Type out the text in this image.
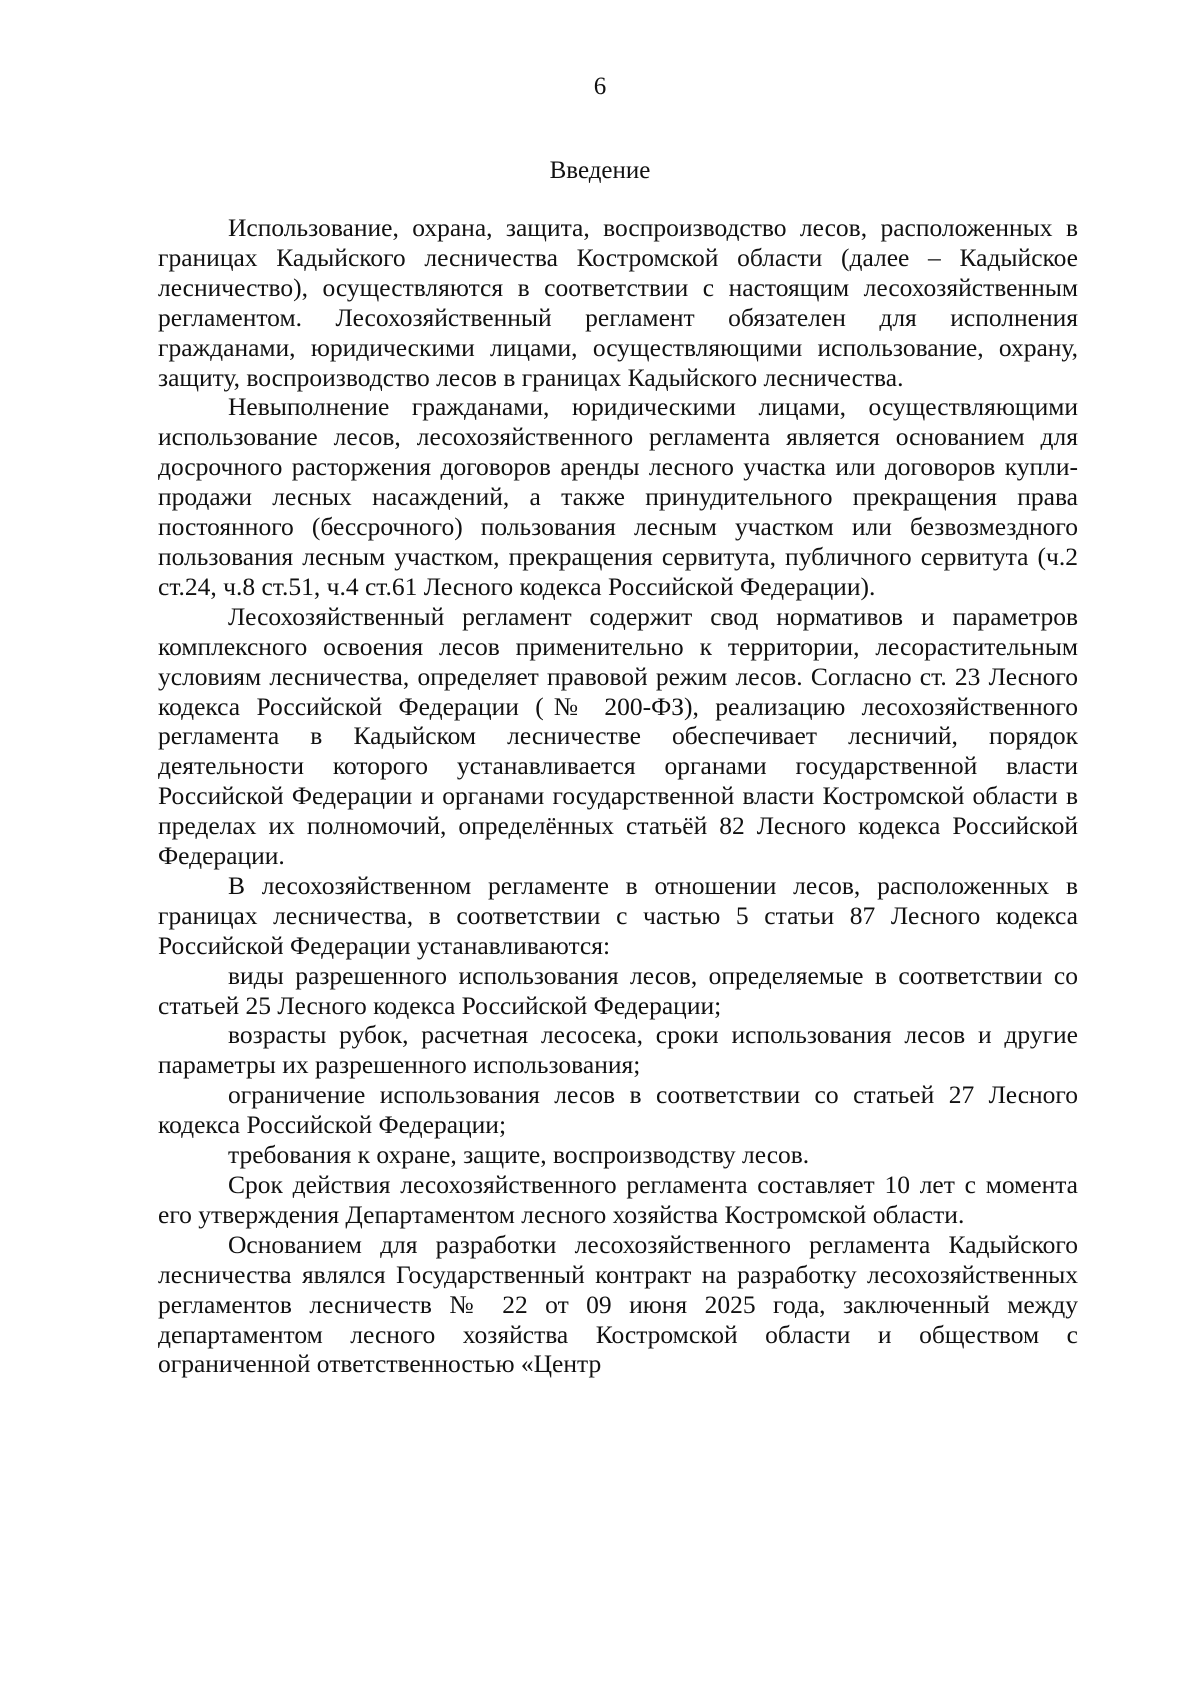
6
Введение

Использование, охрана, защита, воспроизводство лесов, расположенных в границах Кадыйского лесничества Костромской области (далее – Кадыйское лесничество), осуществляются в соответствии с настоящим лесохозяйственным регламентом. Лесохозяйственный регламент обязателен для исполнения гражданами, юридическими лицами, осуществляющими использование, охрану, защиту, воспроизводство лесов в границах Кадыйского лесничества.

Невыполнение гражданами, юридическими лицами, осуществляющими использование лесов, лесохозяйственного регламента является основанием для досрочного расторжения договоров аренды лесного участка или договоров купли-продажи лесных насаждений, а также принудительного прекращения права постоянного (бессрочного) пользования лесным участком или безвозмездного пользования лесным участком, прекращения сервитута, публичного сервитута (ч.2 ст.24, ч.8 ст.51, ч.4 ст.61 Лесного кодекса Российской Федерации).

Лесохозяйственный регламент содержит свод нормативов и параметров комплексного освоения лесов применительно к территории, лесорастительным условиям лесничества, определяет правовой режим лесов. Согласно ст. 23 Лесного кодекса Российской Федерации (№ 200-ФЗ), реализацию лесохозяйственного регламента в Кадыйском лесничестве обеспечивает лесничий, порядок деятельности которого устанавливается органами государственной власти Российской Федерации и органами государственной власти Костромской области в пределах их полномочий, определённых статьёй 82 Лесного кодекса Российской Федерации.

В лесохозяйственном регламенте в отношении лесов, расположенных в границах лесничества, в соответствии с частью 5 статьи 87 Лесного кодекса Российской Федерации устанавливаются:

виды разрешенного использования лесов, определяемые в соответствии со статьей 25 Лесного кодекса Российской Федерации;

возрасты рубок, расчетная лесосека, сроки использования лесов и другие параметры их разрешенного использования;

ограничение использования лесов в соответствии со статьей 27 Лесного кодекса Российской Федерации;

требования к охране, защите, воспроизводству лесов.

Срок действия лесохозяйственного регламента составляет 10 лет с момента его утверждения Департаментом лесного хозяйства Костромской области.

Основанием для разработки лесохозяйственного регламента Кадыйского лесничества являлся Государственный контракт на разработку лесохозяйственных регламентов лесничеств № 22 от 09 июня 2025 года, заключенный между департаментом лесного хозяйства Костромской области и обществом с ограниченной ответственностью «Центр
